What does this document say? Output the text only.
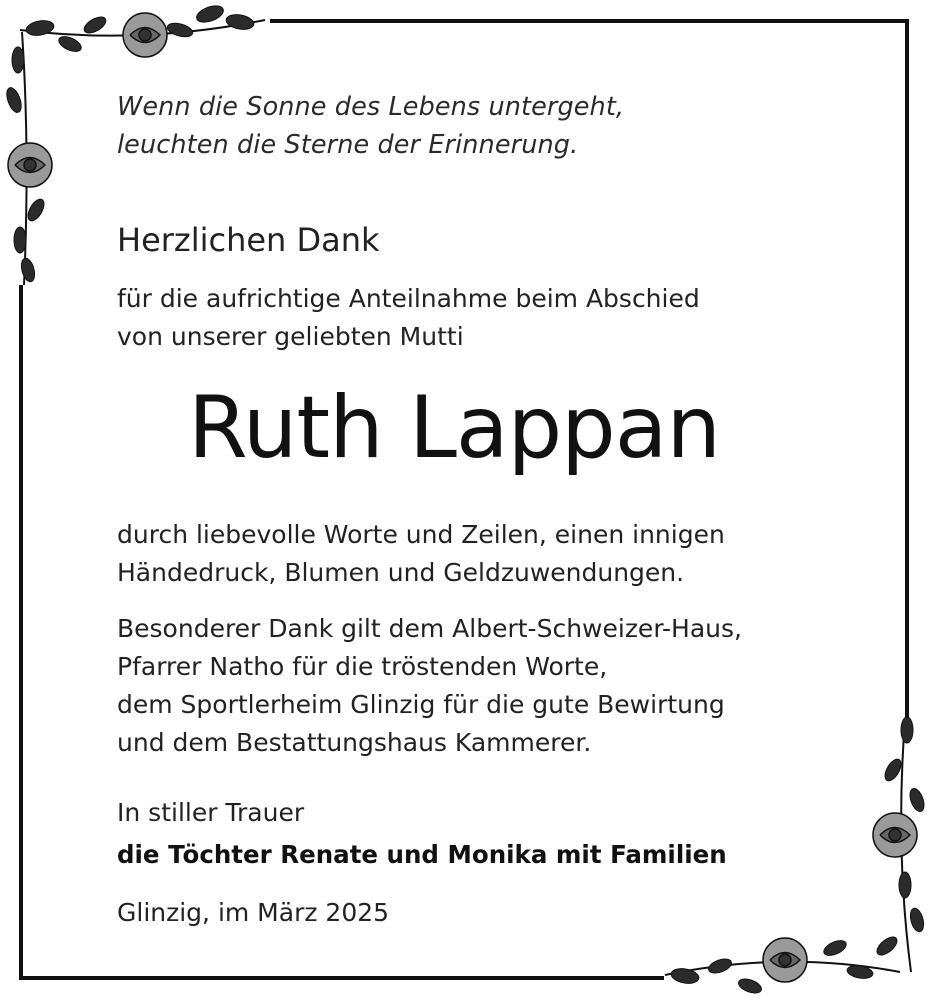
Wenn die Sonne des Lebens untergeht,
leuchten die Sterne der Erinnerung.

Herzlichen Dank

für die aufrichtige Anteilnahme beim Abschied
von unserer geliebten Mutti

Ruth Lappan

durch liebevolle Worte und Zeilen, einen innigen
Händedruck, Blumen und Geldzuwendungen.

Besonderer Dank gilt dem Albert-Schweizer-Haus,
Pfarrer Natho für die tröstenden Worte,
dem Sportlerheim Glinzig für die gute Bewirtung
und dem Bestattungshaus Kammerer.

In stiller Trauer

die Töchter Renate und Monika mit Familien

Glinzig, im März 2025
